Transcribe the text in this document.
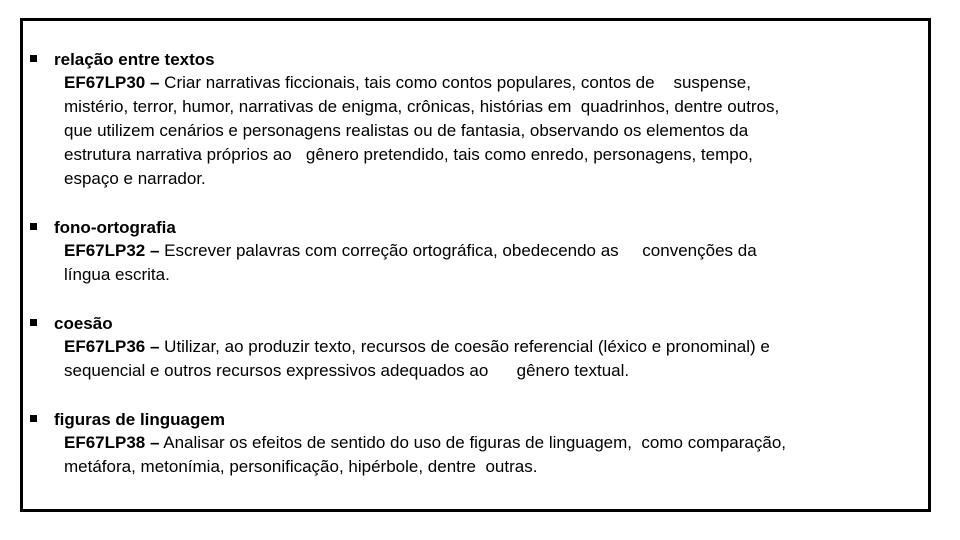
relação entre textos
EF67LP30 – Criar narrativas ficcionais, tais como contos populares, contos de    suspense,
mistério, terror, humor, narrativas de enigma, crônicas, histórias em  quadrinhos, dentre outros,
que utilizem cenários e personagens realistas ou de fantasia, observando os elementos da
estrutura narrativa próprios ao   gênero pretendido, tais como enredo, personagens, tempo,
espaço e narrador.
fono-ortografia
EF67LP32 – Escrever palavras com correção ortográfica, obedecendo as     convenções da
língua escrita.
coesão
EF67LP36 – Utilizar, ao produzir texto, recursos de coesão referencial (léxico e pronominal) e
sequencial e outros recursos expressivos adequados ao      gênero textual.
figuras de linguagem
EF67LP38 – Analisar os efeitos de sentido do uso de figuras de linguagem,  como comparação,
metáfora, metonímia, personificação, hipérbole, dentre  outras.
